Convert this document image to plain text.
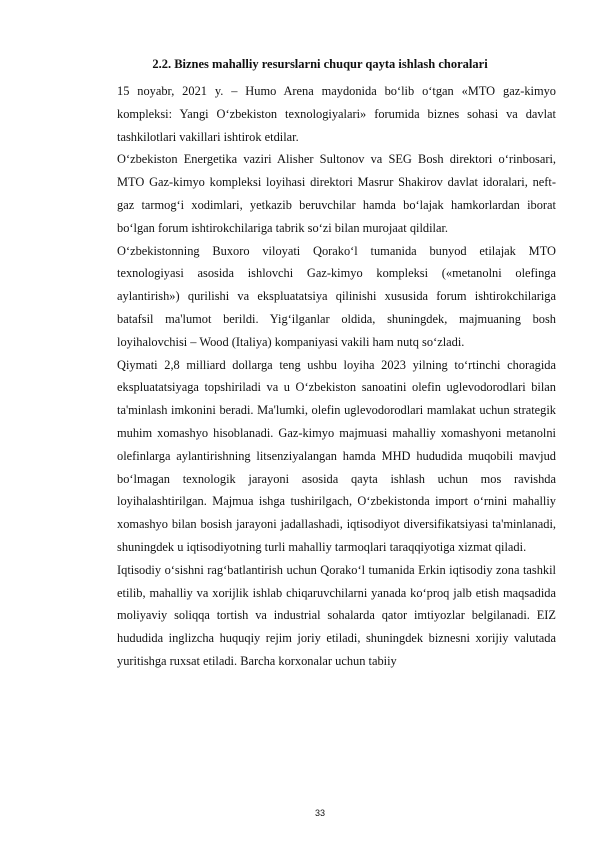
2.2. Biznes mahalliy resurslarni chuqur qayta ishlash choralari

15 noyabr, 2021 y. – Humo Arena maydonida bo‘lib o‘tgan «MTO gaz-kimyo kompleksi: Yangi O‘zbekiston texnologiyalari» forumida biznes sohasi va davlat tashkilotlari vakillari ishtirok etdilar.

O‘zbekiston Energetika vaziri Alisher Sultonov va SEG Bosh direktori o‘rinbosari, MTO Gaz-kimyo kompleksi loyihasi direktori Masrur Shakirov davlat idoralari, neft-gaz tarmog‘i xodimlari, yetkazib beruvchilar hamda bo‘lajak hamkorlardan iborat bo‘lgan forum ishtirokchilariga tabrik so‘zi bilan murojaat qildilar.

O‘zbekistonning Buxoro viloyati Qorako‘l tumanida bunyod etilajak MTO texnologiyasi asosida ishlovchi Gaz-kimyo kompleksi («metanolni olefinga aylantirish») qurilishi va ekspluatatsiya qilinishi xususida forum ishtirokchilariga batafsil ma'lumot berildi. Yig‘ilganlar oldida, shuningdek, majmuaning bosh loyihalovchisi – Wood (Italiya) kompaniyasi vakili ham nutq so‘zladi.

Qiymati 2,8 milliard dollarga teng ushbu loyiha 2023 yilning to‘rtinchi choragida ekspluatatsiyaga topshiriladi va u O‘zbekiston sanoatini olefin uglevodorodlari bilan ta'minlash imkonini beradi. Ma'lumki, olefin uglevodorodlari mamlakat uchun strategik muhim xomashyo hisoblanadi. Gaz-kimyo majmuasi mahalliy xomashyoni metanolni olefinlarga aylantirishning litsenziyalangan hamda MHD hududida muqobili mavjud bo‘lmagan texnologik jarayoni asosida qayta ishlash uchun mos ravishda loyihalashtirilgan. Majmua ishga tushirilgach, O‘zbekistonda import o‘rnini mahalliy xomashyo bilan bosish jarayoni jadallashadi, iqtisodiyot diversifikatsiyasi ta'minlanadi, shuningdek u iqtisodiyotning turli mahalliy tarmoqlari taraqqiyotiga xizmat qiladi.

Iqtisodiy o‘sishni rag‘batlantirish uchun Qorako‘l tumanida Erkin iqtisodiy zona tashkil etilib, mahalliy va xorijlik ishlab chiqaruvchilarni yanada ko‘proq jalb etish maqsadida moliyaviy soliqqa tortish va industrial sohalarda qator imtiyozlar belgilanadi. EIZ hududida inglizcha huquqiy rejim joriy etiladi, shuningdek biznesni xorijiy valutada yuritishga ruxsat etiladi. Barcha korxonalar uchun tabiiy

33
